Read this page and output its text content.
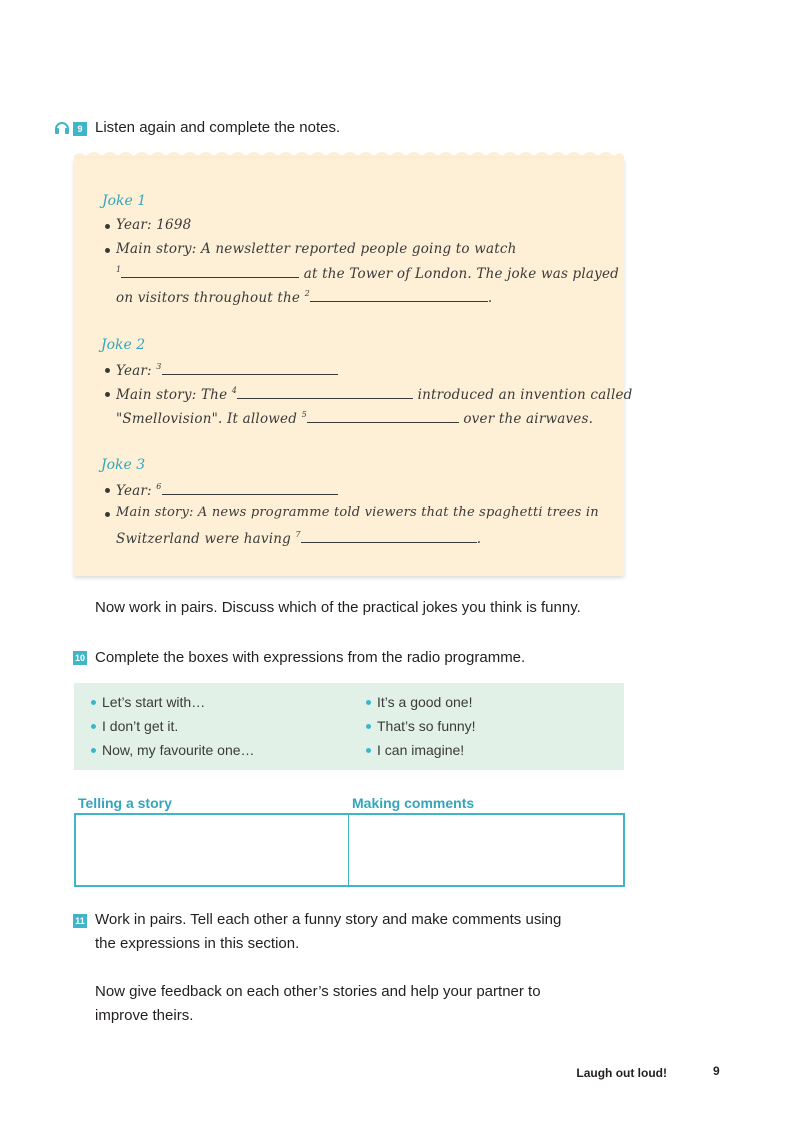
9 Listen again and complete the notes.
Joke 1
Year: 1698
Main story: A newsletter reported people going to watch
$^1$	at the Tower of London. The joke was played
on visitors throughout the $^2$	.
Joke 2
Year: $^3$
Main story: The $^4$	introduced an invention called
"Smellovision". It allowed $^5$	over the airwaves.
Joke 3
Year: $^6$
Main story: A news programme told viewers that the spaghetti trees in
Switzerland were having $^7$	.
Now work in pairs. Discuss which of the practical jokes you think is funny.
10 Complete the boxes with expressions from the radio programme.
Let’s start with…
I don’t get it.
Now, my favourite one…
It’s a good one!
That’s so funny!
I can imagine!
Telling a story	Making comments
11 Work in pairs. Tell each other a funny story and make comments using
the expressions in this section.
Now give feedback on each other’s stories and help your partner to
improve theirs.
Laugh out loud!	9
